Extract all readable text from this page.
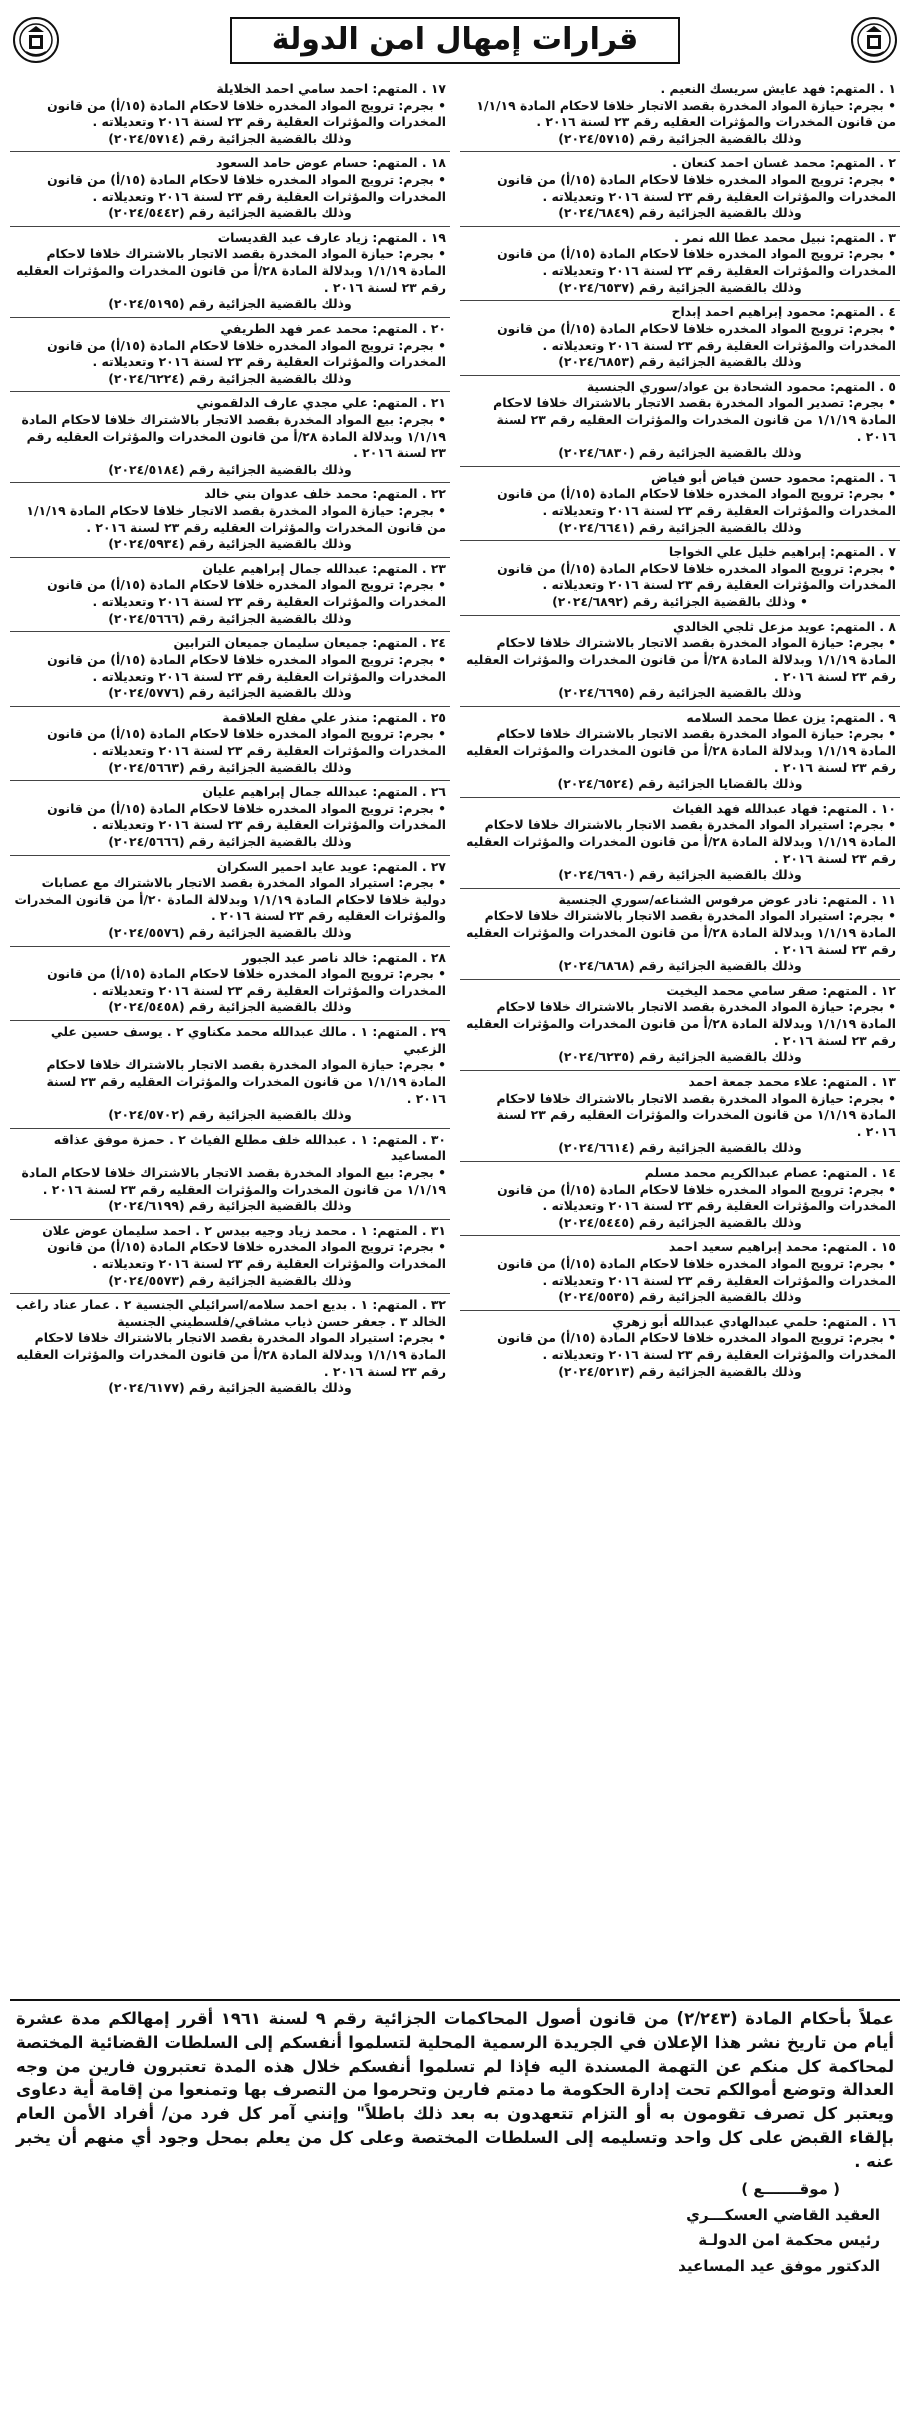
قرارات إمهال امن الدولة
١ . المتهم: فهد عايش سريسك النعيم .
• بجرم: حيازة المواد المخدرة بقصد الاتجار خلافا لاحكام المادة ١/١/١٩ من قانون المخدرات والمؤثرات العقليه رقم ٢٣ لسنة ٢٠١٦ .
وذلك بالقضية الجزائية رقم (٢٠٢٤/٥٧١٥)
٢ . المتهم: محمد غسان احمد كنعان .
• بجرم: ترويج المواد المخدره خلافا لاحكام المادة (١٥/أ) من قانون المخدرات والمؤثرات العقلية رقم ٢٣ لسنة ٢٠١٦ وتعديلاته .
وذلك بالقضية الجزائية رقم (٢٠٢٤/٦٨٤٩)
٣ . المتهم: نبيل محمد عطا الله نمر .
• بجرم: ترويج المواد المخدره خلافا لاحكام المادة (١٥/أ) من قانون المخدرات والمؤثرات العقلية رقم ٢٣ لسنة ٢٠١٦ وتعديلاته .
وذلك بالقضية الجزائية رقم (٢٠٢٤/٦٥٣٧)
٤ . المتهم: محمود إبراهيم احمد إبداح
• بجرم: ترويج المواد المخدره خلافا لاحكام المادة (١٥/أ) من قانون المخدرات والمؤثرات العقلية رقم ٢٣ لسنة ٢٠١٦ وتعديلاته .
وذلك بالقضية الجزائية رقم (٢٠٢٤/٦٨٥٣)
٥ . المتهم: محمود الشحادة بن عواد/سوري الجنسية
• بجرم: تصدير المواد المخدرة بقصد الاتجار بالاشتراك خلافا لاحكام المادة ١/١/١٩ من قانون المخدرات والمؤثرات العقليه رقم ٢٣ لسنة ٢٠١٦ .
وذلك بالقضية الجزائية رقم (٢٠٢٤/٦٨٣٠)
٦ . المتهم: محمود حسن فياض أبو فياض
• بجرم: ترويج المواد المخدره خلافا لاحكام المادة (١٥/أ) من قانون المخدرات والمؤثرات العقلية رقم ٢٣ لسنة ٢٠١٦ وتعديلاته .
وذلك بالقضية الجزائية رقم (٢٠٢٤/٦٦٤١)
٧ . المتهم: إبراهيم خليل علي الخواجا
• بجرم: ترويج المواد المخدره خلافا لاحكام المادة (١٥/أ) من قانون المخدرات والمؤثرات العقلية رقم ٢٣ لسنة ٢٠١٦ وتعديلاته .
• وذلك بالقضية الجزائية رقم (٢٠٢٤/٦٨٩٢)
٨ . المتهم: عويد مزعل ثلجي الخالدي
• بجرم: حيازة المواد المخدرة بقصد الاتجار بالاشتراك خلافا لاحكام المادة ١/١/١٩ وبدلالة المادة ٢٨/أ من قانون المخدرات والمؤثرات العقليه رقم ٢٣ لسنة ٢٠١٦ .
وذلك بالقضية الجزائية رقم (٢٠٢٤/٦٦٩٥)
٩ . المتهم: يزن عطا محمد السلامه
• بجرم: حيازة المواد المخدرة بقصد الاتجار بالاشتراك خلافا لاحكام المادة ١/١/١٩ وبدلالة المادة ٢٨/أ من قانون المخدرات والمؤثرات العقليه رقم ٢٣ لسنة ٢٠١٦ .
وذلك بالقضايا الجزائية رقم (٢٠٢٤/٦٥٢٤)
١٠ . المتهم: فهاد عبدالله فهد الفياث
• بجرم: استيراد المواد المخدرة بقصد الاتجار بالاشتراك خلافا لاحكام المادة ١/١/١٩ وبدلالة المادة ٢٨/أ من قانون المخدرات والمؤثرات العقليه رقم ٢٣ لسنة ٢٠١٦ .
وذلك بالقضية الجزائية رقم (٢٠٢٤/٦٩٦٠)
١١ . المتهم: نادر عوض مرفوس الشناعه/سوري الجنسية
• بجرم: استيراد المواد المخدرة بقصد الاتجار بالاشتراك خلافا لاحكام المادة ١/١/١٩ وبدلالة المادة ٢٨/أ من قانون المخدرات والمؤثرات العقليه رقم ٢٣ لسنة ٢٠١٦ .
وذلك بالقضية الجزائية رقم (٢٠٢٤/٦٨٦٨)
١٢ . المتهم: صقر سامي محمد اليخيت
• بجرم: حيازة المواد المخدرة بقصد الاتجار بالاشتراك خلافا لاحكام المادة ١/١/١٩ وبدلالة المادة ٢٨/أ من قانون المخدرات والمؤثرات العقليه رقم ٢٣ لسنة ٢٠١٦ .
وذلك بالقضية الجزائية رقم (٢٠٢٤/٦٢٣٥)
١٣ . المتهم: علاء محمد جمعة احمد
• بجرم: حيازة المواد المخدرة بقصد الاتجار بالاشتراك خلافا لاحكام المادة ١/١/١٩ من قانون المخدرات والمؤثرات العقليه رقم ٢٣ لسنة ٢٠١٦ .
وذلك بالقضية الجزائية رقم (٢٠٢٤/٦٦١٤)
١٤ . المتهم: عصام عبدالكريم محمد مسلم
• بجرم: ترويج المواد المخدره خلافا لاحكام المادة (١٥/أ) من قانون المخدرات والمؤثرات العقلية رقم ٢٣ لسنة ٢٠١٦ وتعديلاته .
وذلك بالقضية الجزائية رقم (٢٠٢٤/٥٤٤٥)
١٥ . المتهم: محمد إبراهيم سعيد احمد
• بجرم: ترويج المواد المخدره خلافا لاحكام المادة (١٥/أ) من قانون المخدرات والمؤثرات العقلية رقم ٢٣ لسنة ٢٠١٦ وتعديلاته .
وذلك بالقضية الجزائية رقم (٢٠٢٤/٥٥٣٥)
١٦ . المتهم: حلمي عبدالهادي عبدالله أبو زهري
• بجرم: ترويج المواد المخدره خلافا لاحكام المادة (١٥/أ) من قانون المخدرات والمؤثرات العقلية رقم ٢٣ لسنة ٢٠١٦ وتعديلاته .
وذلك بالقضية الجزائية رقم (٢٠٢٤/٥٢١٣)
١٧ . المتهم: احمد سامي احمد الخلايلة
• بجرم: ترويج المواد المخدره خلافا لاحكام المادة (١٥/أ) من قانون المخدرات والمؤثرات العقلية رقم ٢٣ لسنة ٢٠١٦ وتعديلاته .
وذلك بالقضية الجزائية رقم (٢٠٢٤/٥٧١٤)
١٨ . المتهم: حسام عوض حامد السعود
• بجرم: ترويج المواد المخدره خلافا لاحكام المادة (١٥/أ) من قانون المخدرات والمؤثرات العقلية رقم ٢٣ لسنة ٢٠١٦ وتعديلاته .
وذلك بالقضية الجزائية رقم (٢٠٢٤/٥٤٤٢)
١٩ . المتهم: زياد عارف عبد القديسات
• بجرم: حيازة المواد المخدرة بقصد الاتجار بالاشتراك خلافا لاحكام المادة ١/١/١٩ وبدلالة المادة ٢٨/أ من قانون المخدرات والمؤثرات العقليه رقم ٢٣ لسنة ٢٠١٦ .
وذلك بالقضية الجزائية رقم (٢٠٢٤/٥١٩٥)
٢٠ . المتهم: محمد عمر فهد الطريفي
• بجرم: ترويج المواد المخدره خلافا لاحكام المادة (١٥/أ) من قانون المخدرات والمؤثرات العقلية رقم ٢٣ لسنة ٢٠١٦ وتعديلاته .
وذلك بالقضية الجزائية رقم (٢٠٢٤/٦٢٢٤)
٢١ . المتهم: علي مجدي عارف الدلقموني
• بجرم: بيع المواد المخدرة بقصد الاتجار بالاشتراك خلافا لاحكام المادة ١/١/١٩ وبدلالة المادة ٢٨/أ من قانون المخدرات والمؤثرات العقليه رقم ٢٣ لسنة ٢٠١٦ .
وذلك بالقضية الجزائية رقم (٢٠٢٤/٥١٨٤)
٢٢ . المتهم: محمد خلف عدوان بني خالد
• بجرم: حيازة المواد المخدرة بقصد الاتجار خلافا لاحكام المادة ١/١/١٩ من قانون المخدرات والمؤثرات العقليه رقم ٢٣ لسنة ٢٠١٦ .
وذلك بالقضية الجزائية رقم (٢٠٢٤/٥٩٣٤)
٢٣ . المتهم: عبدالله جمال إبراهيم عليان
• بجرم: ترويج المواد المخدره خلافا لاحكام المادة (١٥/أ) من قانون المخدرات والمؤثرات العقلية رقم ٢٣ لسنة ٢٠١٦ وتعديلاته .
وذلك بالقضية الجزائية رقم (٢٠٢٤/٥٦٦٦)
٢٤ . المتهم: جميعان سليمان جميعان الترابين
• بجرم: ترويج المواد المخدره خلافا لاحكام المادة (١٥/أ) من قانون المخدرات والمؤثرات العقلية رقم ٢٣ لسنة ٢٠١٦ وتعديلاته .
وذلك بالقضية الجزائية رقم (٢٠٢٤/٥٧٧٦)
٢٥ . المتهم: منذر علي مفلح العلاقمة
• بجرم: ترويج المواد المخدره خلافا لاحكام المادة (١٥/أ) من قانون المخدرات والمؤثرات العقلية رقم ٢٣ لسنة ٢٠١٦ وتعديلاته .
وذلك بالقضية الجزائية رقم (٢٠٢٤/٥٦٦٣)
٢٦ . المتهم: عبدالله جمال إبراهيم عليان
• بجرم: ترويج المواد المخدره خلافا لاحكام المادة (١٥/أ) من قانون المخدرات والمؤثرات العقلية رقم ٢٣ لسنة ٢٠١٦ وتعديلاته .
وذلك بالقضية الجزائية رقم (٢٠٢٤/٥٦٦٦)
٢٧ . المتهم: عويد عايد احمير السكران
• بجرم: استيراد المواد المخدرة بقصد الاتجار بالاشتراك مع عصابات دولية خلافا لاحكام المادة ١/١/١٩ وبدلالة المادة ٢٠/أ من قانون المخدرات والمؤثرات العقليه رقم ٢٣ لسنة ٢٠١٦ .
وذلك بالقضية الجزائية رقم (٢٠٢٤/٥٥٧٦)
٢٨ . المتهم: خالد ناصر عبد الجبور
• بجرم: ترويج المواد المخدره خلافا لاحكام المادة (١٥/أ) من قانون المخدرات والمؤثرات العقلية رقم ٢٣ لسنة ٢٠١٦ وتعديلاته .
وذلك بالقضية الجزائية رقم (٢٠٢٤/٥٤٥٨)
٢٩ . المتهم: ١ . مالك عبدالله محمد مكناوي ٢ . يوسف حسين علي الزعبي
• بجرم: حيازة المواد المخدرة بقصد الاتجار بالاشتراك خلافا لاحكام المادة ١/١/١٩ من قانون المخدرات والمؤثرات العقليه رقم ٢٣ لسنة ٢٠١٦ .
وذلك بالقضية الجزائية رقم (٢٠٢٤/٥٧٠٢)
٣٠ . المتهم: ١ . عبدالله خلف مطلع الفياث ٢ . حمزة موفق عذاقه المساعيد
• بجرم: بيع المواد المخدرة بقصد الاتجار بالاشتراك خلافا لاحكام المادة ١/١/١٩ من قانون المخدرات والمؤثرات العقليه رقم ٢٣ لسنة ٢٠١٦ .
وذلك بالقضية الجزائية رقم (٢٠٢٤/٦١٩٩)
٣١ . المتهم: ١ . محمد زياد وجيه بيدس ٢ . احمد سليمان عوض علان
• بجرم: ترويج المواد المخدره خلافا لاحكام المادة (١٥/أ) من قانون المخدرات والمؤثرات العقلية رقم ٢٣ لسنة ٢٠١٦ وتعديلاته .
وذلك بالقضية الجزائية رقم (٢٠٢٤/٥٥٧٣)
٣٢ . المتهم: ١ . بديع احمد سلامه/اسرائيلي الجنسية ٢ . عمار عناد راغب الخالد ٣ . جعفر حسن ذياب مشاقي/فلسطيني الجنسية
• بجرم: استيراد المواد المخدرة بقصد الاتجار بالاشتراك خلافا لاحكام المادة ١/١/١٩ وبدلالة المادة ٢٨/أ من قانون المخدرات والمؤثرات العقليه رقم ٢٣ لسنة ٢٠١٦ .
وذلك بالقضية الجزائية رقم (٢٠٢٤/٦١٧٧)
عملاً بأحكام المادة (٢/٢٤٣) من قانون أصول المحاكمات الجزائية رقم ٩ لسنة ١٩٦١ أقرر إمهالكم مدة عشرة أيام من تاريخ نشر هذا الإعلان في الجريدة الرسمية المحلية لتسلموا أنفسكم إلى السلطات القضائية المختصة لمحاكمة كل منكم عن التهمة المسندة اليه فإذا لم تسلموا أنفسكم خلال هذه المدة تعتبرون فارين من وجه العدالة وتوضع أموالكم تحت إدارة الحكومة ما دمتم فارين وتحرموا من التصرف بها وتمنعوا من إقامة أية دعاوى ويعتبر كل تصرف تقومون به أو التزام تتعهدون به بعد ذلك باطلاً" وإنني آمر كل فرد من/ أفراد الأمن العام بإلقاء القبض على كل واحد وتسليمه إلى السلطات المختصة وعلى كل من يعلم بمحل وجود أي منهم أن يخبر عنه .
( موقـــــــع )
العقيد القاضي العسكـــري
رئيس محكمة امن الدولـة
الدكتور موفق عيد المساعيد
